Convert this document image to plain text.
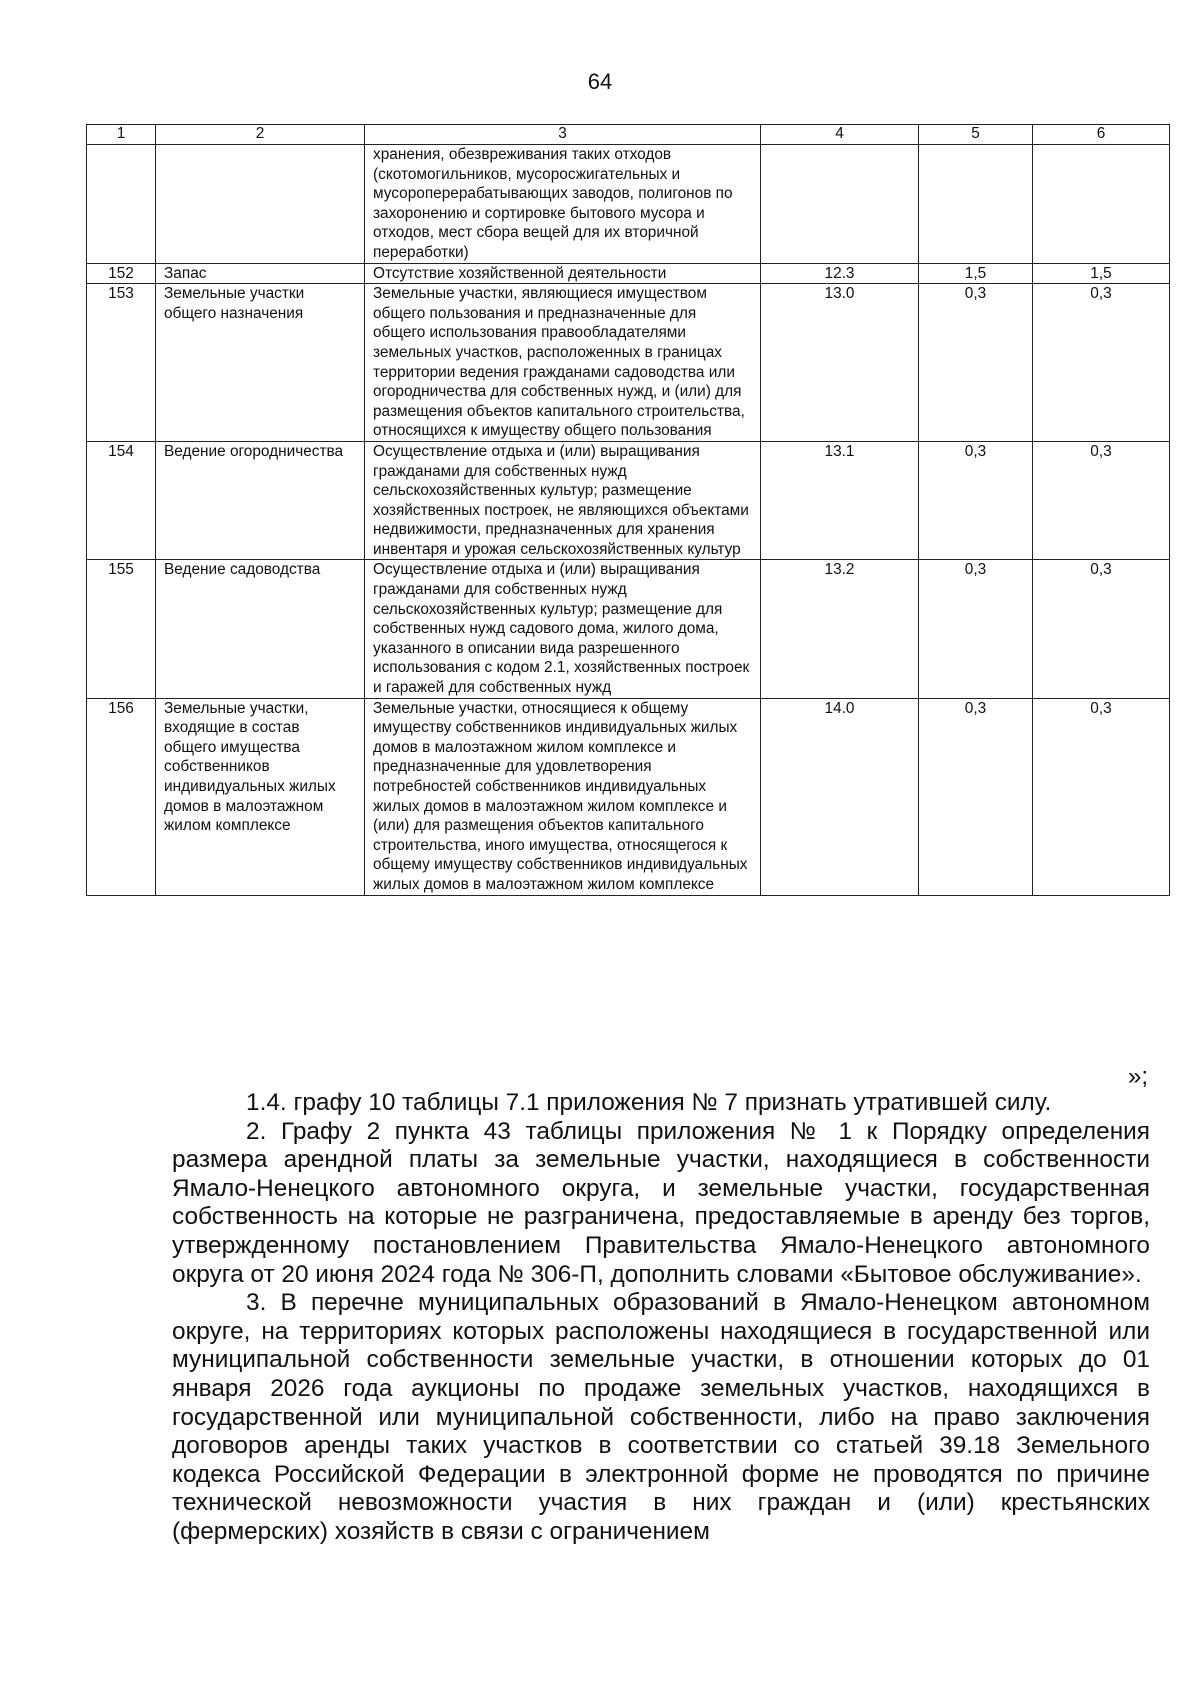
64
1	2	3	4	5	6
		хранения, обезвреживания таких отходов (скотомогильников, мусоросжигательных и мусороперерабатывающих заводов, полигонов по захоронению и сортировке бытового мусора и отходов, мест сбора вещей для их вторичной переработки)			
152	Запас	Отсутствие хозяйственной деятельности	12.3	1,5	1,5
153	Земельные участки общего назначения	Земельные участки, являющиеся имуществом общего пользования и предназначенные для общего использования правообладателями земельных участков, расположенных в границах территории ведения гражданами садоводства или огородничества для собственных нужд, и (или) для размещения объектов капитального строительства, относящихся к имуществу общего пользования	13.0	0,3	0,3
154	Ведение огородничества	Осуществление отдыха и (или) выращивания гражданами для собственных нужд сельскохозяйственных культур; размещение хозяйственных построек, не являющихся объектами недвижимости, предназначенных для хранения инвентаря и урожая сельскохозяйственных культур	13.1	0,3	0,3
155	Ведение садоводства	Осуществление отдыха и (или) выращивания гражданами для собственных нужд сельскохозяйственных культур; размещение для собственных нужд садового дома, жилого дома, указанного в описании вида разрешенного использования с кодом 2.1, хозяйственных построек и гаражей для собственных нужд	13.2	0,3	0,3
156	Земельные участки, входящие в состав общего имущества собственников индивидуальных жилых домов в малоэтажном жилом комплексе	Земельные участки, относящиеся к общему имуществу собственников индивидуальных жилых домов в малоэтажном жилом комплексе и предназначенные для удовлетворения потребностей собственников индивидуальных жилых домов в малоэтажном жилом комплексе и (или) для размещения объектов капитального строительства, иного имущества, относящегося к общему имуществу собственников индивидуальных жилых домов в малоэтажном жилом комплексе	14.0	0,3	0,3
»;

1.4. графу 10 таблицы 7.1 приложения № 7 признать утратившей силу.

2. Графу 2 пункта 43 таблицы приложения № 1 к Порядку определения размера арендной платы за земельные участки, находящиеся в собственности Ямало-Ненецкого автономного округа, и земельные участки, государственная собственность на которые не разграничена, предоставляемые в аренду без торгов, утвержденному постановлением Правительства Ямало-Ненецкого автономного округа от 20 июня 2024 года № 306-П, дополнить словами «Бытовое обслуживание».

3. В перечне муниципальных образований в Ямало-Ненецком автономном округе, на территориях которых расположены находящиеся в государственной или муниципальной собственности земельные участки, в отношении которых до 01 января 2026 года аукционы по продаже земельных участков, находящихся в государственной или муниципальной собственности, либо на право заключения договоров аренды таких участков в соответствии со статьей 39.18 Земельного кодекса Российской Федерации в электронной форме не проводятся по причине технической невозможности участия в них граждан и (или) крестьянских (фермерских) хозяйств в связи с ограничением
